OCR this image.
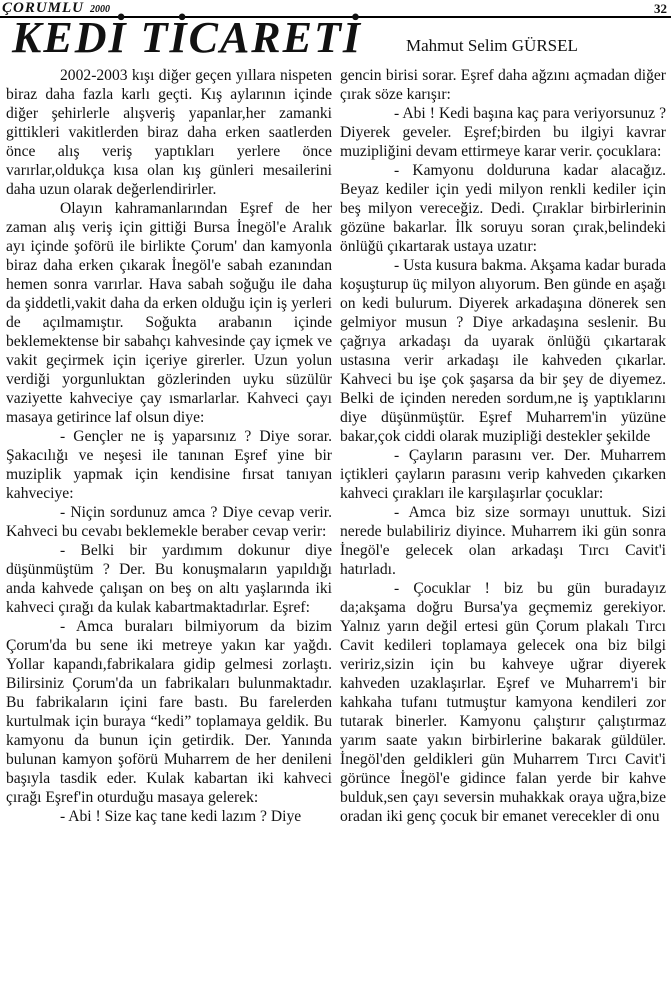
ÇORUMLU 2000	32
KEDİ TİCARETİ	Mahmut Selim GÜRSEL

2002-2003 kışı diğer geçen yıllara nispeten biraz daha fazla karlı geçti. Kış aylarının içinde diğer şehirlerle alışveriş yapanlar,her zamanki gittikleri vakitlerden biraz daha erken saatlerden önce alış veriş yaptıkları yerlere önce varırlar,oldukça kısa olan kış günleri mesailerini daha uzun olarak değerlendirirler.

Olayın kahramanlarından Eşref de her zaman alış veriş için gittiği Bursa İnegöl'e Aralık ayı içinde şoförü ile birlikte Çorum' dan kamyonla biraz daha erken çıkarak İnegöl'e sabah ezanından hemen sonra varırlar. Hava sabah soğuğu ile daha da şiddetli,vakit daha da erken olduğu için iş yerleri de açılmamıştır. Soğukta arabanın içinde beklemektense bir sabahçı kahvesinde çay içmek ve vakit geçirmek için içeriye girerler. Uzun yolun verdiği yorgunluktan gözlerinden uyku süzülür vaziyette kahveciye çay ısmarlarlar. Kahveci çayı masaya getirince laf olsun diye:

- Gençler ne iş yaparsınız ? Diye sorar. Şakacılığı ve neşesi ile tanınan Eşref yine bir muziplik yapmak için kendisine fırsat tanıyan kahveciye:

- Niçin sordunuz amca ? Diye cevap verir. Kahveci bu cevabı beklemekle beraber cevap verir:

- Belki bir yardımım dokunur diye düşünmüştüm ? Der. Bu konuşmaların yapıldığı anda kahvede çalışan on beş on altı yaşlarında iki kahveci çırağı da kulak kabartmaktadırlar. Eşref:

- Amca buraları bilmiyorum da bizim Çorum'da bu sene iki metreye yakın kar yağdı. Yollar kapandı,fabrikalara gidip gelmesi zorlaştı. Bilirsiniz Çorum'da un fabrikaları bulunmaktadır. Bu fabrikaların içini fare bastı. Bu farelerden kurtulmak için buraya “kedi” toplamaya geldik. Bu kamyonu da bunun için getirdik. Der. Yanında bulunan kamyon şoförü Muharrem de her denileni başıyla tasdik eder. Kulak kabartan iki kahveci çırağı Eşref'in oturduğu masaya gelerek:

- Abi ! Size kaç tane kedi lazım ? Diye

gencin birisi sorar. Eşref daha ağzını açmadan diğer çırak söze karışır:

- Abi ! Kedi başına kaç para veriyorsunuz ? Diyerek geveler. Eşref;birden bu ilgiyi kavrar muzipliğini devam ettirmeye karar verir. çocuklara:

- Kamyonu dolduruna kadar alacağız. Beyaz kediler için yedi milyon renkli kediler için beş milyon vereceğiz. Dedi. Çıraklar birbirlerinin gözüne bakarlar. İlk soruyu soran çırak,belindeki önlüğü çıkartarak ustaya uzatır:

- Usta kusura bakma. Akşama kadar burada koşuşturup üç milyon alıyorum. Ben günde en aşağı on kedi bulurum. Diyerek arkadaşına dönerek sen gelmiyor musun ? Diye arkadaşına seslenir. Bu çağrıya arkadaşı da uyarak önlüğü çıkartarak ustasına verir arkadaşı ile kahveden çıkarlar. Kahveci bu işe çok şaşarsa da bir şey de diyemez. Belki de içinden nereden sordum,ne iş yaptıklarını diye düşünmüştür. Eşref Muharrem'in yüzüne bakar,çok ciddi olarak muzipliği destekler şekilde

- Çayların parasını ver. Der. Muharrem içtikleri çayların parasını verip kahveden çıkarken kahveci çırakları ile karşılaşırlar çocuklar:

- Amca biz size sormayı unuttuk. Sizi nerede bulabiliriz diyince. Muharrem iki gün sonra İnegöl'e gelecek olan arkadaşı Tırcı Cavit'i hatırladı.

- Çocuklar ! biz bu gün buradayız da;akşama doğru Bursa'ya geçmemiz gerekiyor. Yalnız yarın değil ertesi gün Çorum plakalı Tırcı Cavit kedileri toplamaya gelecek ona biz bilgi veririz,sizin için bu kahveye uğrar diyerek kahveden uzaklaşırlar. Eşref ve Muharrem'i bir kahkaha tufanı tutmuştur kamyona kendileri zor tutarak binerler. Kamyonu çalıştırır çalıştırmaz yarım saate yakın birbirlerine bakarak güldüler. İnegöl'den geldikleri gün Muharrem Tırcı Cavit'i görünce İnegöl'e gidince falan yerde bir kahve bulduk,sen çayı seversin muhakkak oraya uğra,bize oradan iki genç çocuk bir emanet verecekler di onu
